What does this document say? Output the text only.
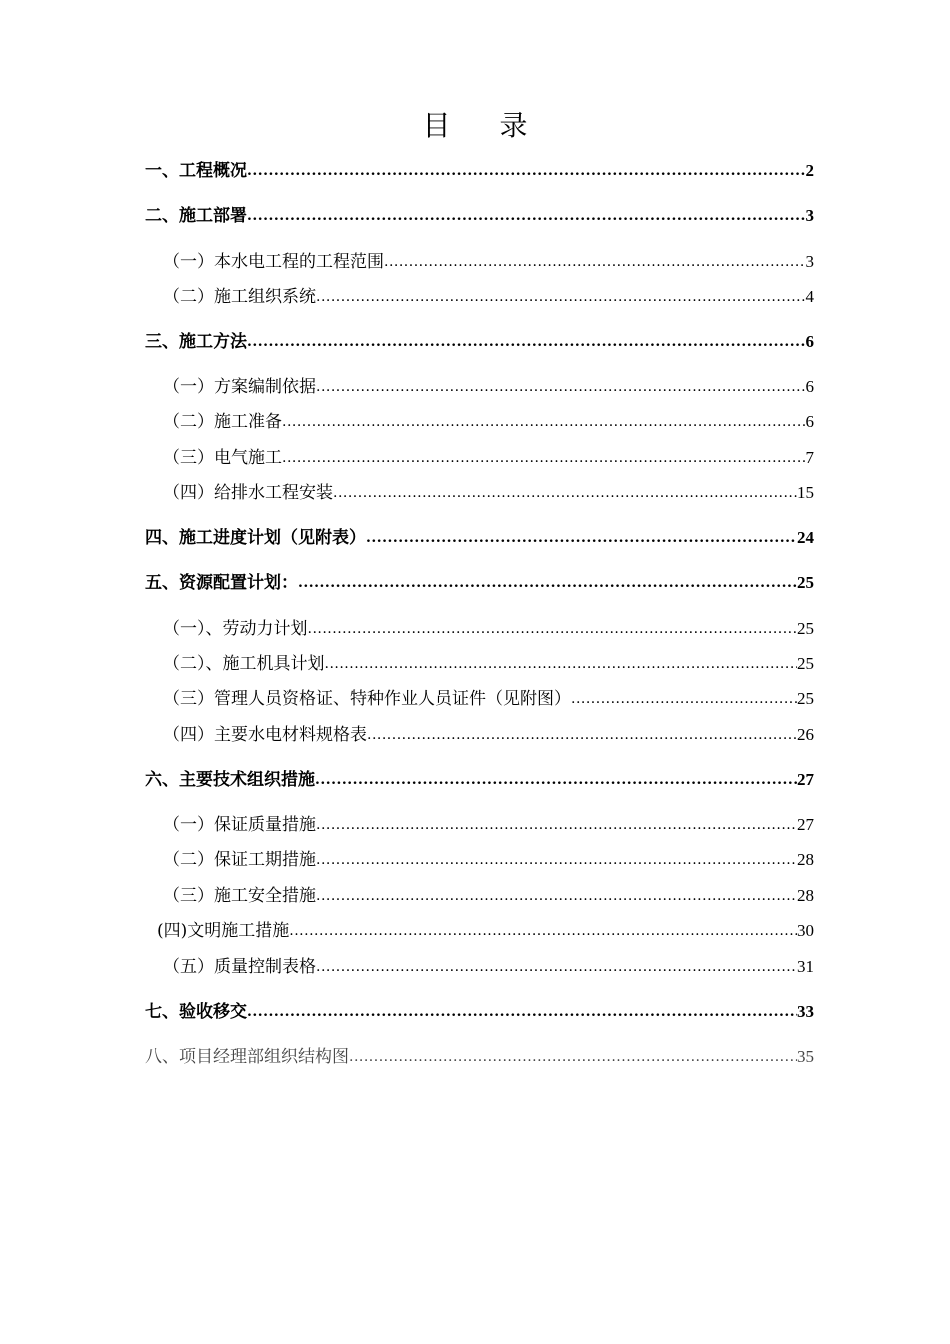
目 录
一、工程概况 .....	2
二、施工部署 .....	3
（一）本水电工程的工程范围 .....	3
（二）施工组织系统 .....	4
三、施工方法 .....	6
（一）方案编制依据 .....	6
（二）施工准备 .....	6
（三）电气施工 .....	7
（四）给排水工程安装 .....	15
四、施工进度计划（见附表） .....	24
五、资源配置计划： .....	25
（一）、劳动力计划 .....	25
（二）、施工机具计划 .....	25
（三）管理人员资格证、特种作业人员证件（见附图） .....	25
（四）主要水电材料规格表 .....	26
六、主要技术组织措施 .....	27
（一）保证质量措施 .....	27
（二）保证工期措施 .....	28
（三）施工安全措施 .....	28
(四)文明施工措施 .....	30
（五）质量控制表格 .....	31
七、验收移交 .....	33
八、项目经理部组织结构图 .....	35
